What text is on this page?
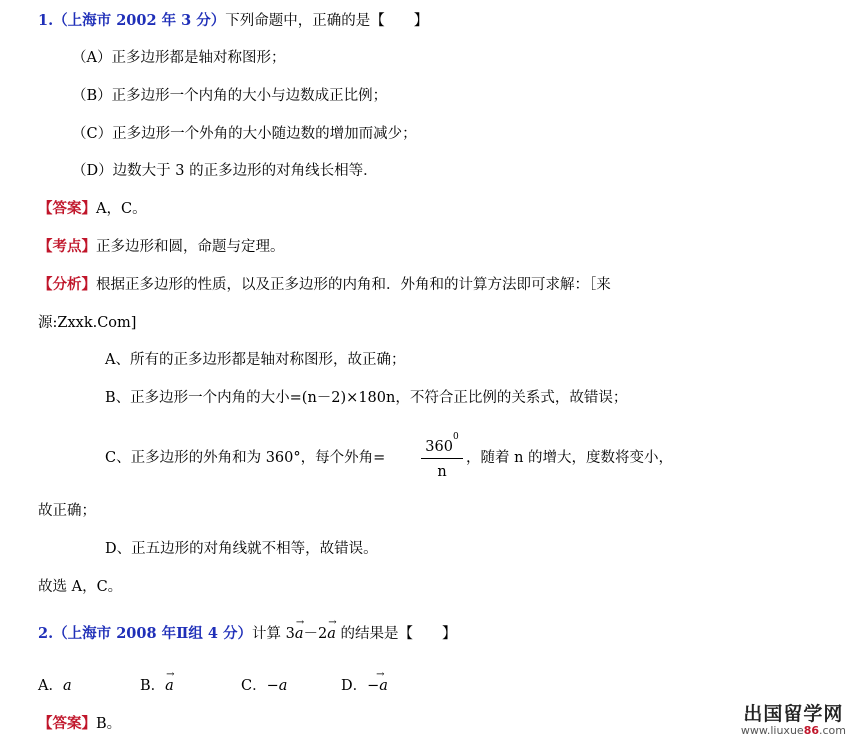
1.（上海市 2002 年 3 分）下列命题中，正确的是【　　】
（A）正多边形都是轴对称图形；
（B）正多边形一个内角的大小与边数成正比例；
（C）正多边形一个外角的大小随边数的增加而减少；
（D）边数大于 3 的正多边形的对角线长相等．
【答案】A，C。
【考点】正多边形和圆，命题与定理。
【分析】根据正多边形的性质，以及正多边形的内角和．外角和的计算方法即可求解：［来
源:Zxxk.Com]
A、所有的正多边形都是轴对称图形，故正确；
B、正多边形一个内角的大小=(n－2)×180n，不符合正比例的关系式，故错误；
C、正多边形的外角和为 360°，每个外角=
$360^0$
n
，随着 n 的增大，度数将变小，
故正确；
D、正五边形的对角线就不相等，故错误。
故选 A，C。
2.（上海市 2008 年Ⅱ组 4 分）计算 3a
→
－2a
→
的结果是【　　】
A．a	B．a
→
C．−a	D．−a
→
【答案】B。	出国留学网
www.liuxue86.com
